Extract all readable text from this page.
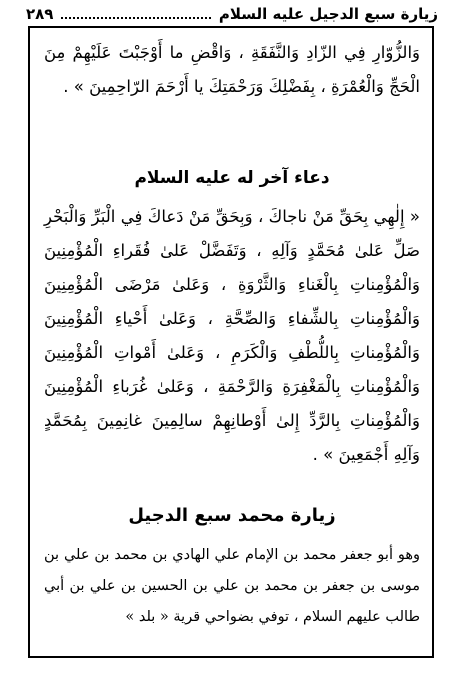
زيارة سبع الدجيل عليه السلام
٢٨٩
وَالزُّوّارِ فِي الزّادِ وَالنَّفَقَةِ ، وَاقْضِ ما أَوْجَبْتَ عَلَيْهِمْ مِنَ الْحَجِّ وَالْعُمْرَةِ ، بِفَضْلِكَ وَرَحْمَتِكَ يا أَرْحَمَ الرّاحِمِينَ » .
دعاء آخر له عليه السلام
« إِلٰهِي بِحَقِّ مَنْ ناجاكَ ، وَبِحَقِّ مَنْ دَعاكَ فِي الْبَرِّ وَالْبَحْرِ صَلِّ عَلىٰ مُحَمَّدٍ وَآلِهِ ، وَتَفَضَّلْ عَلىٰ فُقَراءِ الْمُؤْمِنِينَ وَالْمُؤْمِناتِ بِالْغَناءِ وَالثَّرْوَةِ ، وَعَلىٰ مَرْضَى الْمُؤْمِنِينَ وَالْمُؤْمِناتِ بِالشِّفاءِ وَالصِّحَّةِ ، وَعَلىٰ أَحْياءِ الْمُؤْمِنِينَ وَالْمُؤْمِناتِ بِاللُّطْفِ وَالْكَرَمِ ، وَعَلىٰ أَمْواتِ الْمُؤْمِنِينَ وَالْمُؤْمِناتِ بِالْمَغْفِرَةِ وَالرَّحْمَةِ ، وَعَلىٰ غُرَباءِ الْمُؤْمِنِينَ وَالْمُؤْمِناتِ بِالرَّدِّ إِلىٰ أَوْطانِهِمْ سالِمِينَ غانِمِينَ بِمُحَمَّدٍ وَآلِهِ أَجْمَعِينَ » .
زيارة محمد سبع الدجيل
وهو أبو جعفر محمد بن الإمام علي الهادي بن محمد بن علي بن موسى بن جعفر بن محمد بن علي بن الحسين بن علي بن أبي طالب عليهم السلام ، توفي بضواحي قرية « بلد »
